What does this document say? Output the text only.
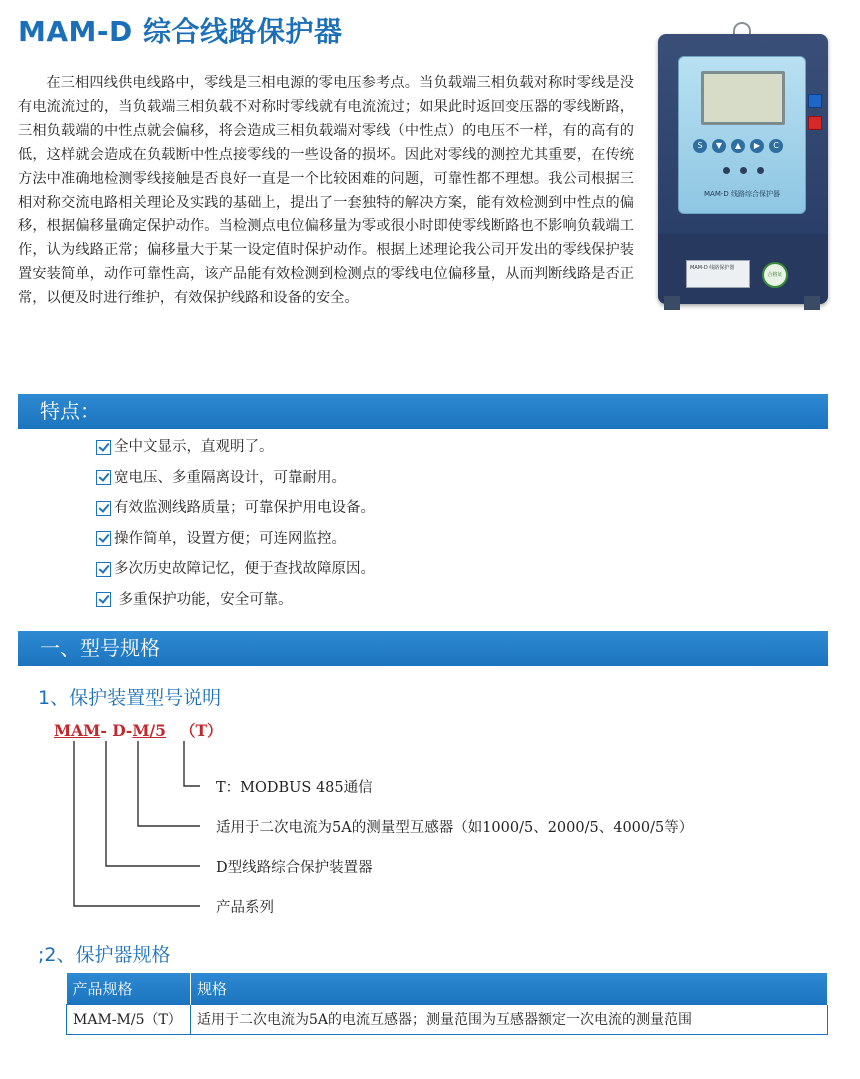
MAM-D 综合线路保护器

在三相四线供电线路中，零线是三相电源的零电压参考点。当负载端三相负载对称时零线是没有电流流过的，当负载端三相负载不对称时零线就有电流流过；如果此时返回变压器的零线断路，三相负载端的中性点就会偏移，将会造成三相负载端对零线（中性点）的电压不一样，有的高有的低，这样就会造成在负载断中性点接零线的一些设备的损坏。因此对零线的测控尤其重要，在传统方法中准确地检测零线接触是否良好一直是一个比较困难的问题，可靠性都不理想。我公司根据三相对称交流电路相关理论及实践的基础上，提出了一套独特的解决方案，能有效检测到中性点的偏移，根据偏移量确定保护动作。当检测点电位偏移量为零或很小时即使零线断路也不影响负载端工作，认为线路正常；偏移量大于某一设定值时保护动作。根据上述理论我公司开发出的零线保护装置安装简单，动作可靠性高，该产品能有效检测到检测点的零线电位偏移量，从而判断线路是否正常，以便及时进行维护，有效保护线路和设备的安全。

S	▼	▲	▶	C
MAM-D 线路综合保护器
MAM-D 线路保护器
合格证
特点：
全中文显示，直观明了。
宽电压、多重隔离设计，可靠耐用。
有效监测线路质量；可靠保护用电设备。
操作简单，设置方便；可连网监控。
多次历史故障记忆，便于查找故障原因。
多重保护功能，安全可靠。
一、型号规格
1、保护装置型号说明
MAM- D-M/5 （T）
T：MODBUS 485通信
适用于二次电流为5A的测量型互感器（如1000/5、2000/5、4000/5等）
D型线路综合保护装置器
产品系列
;2、保护器规格
产品规格	规格
MAM-M/5（T）	适用于二次电流为5A的电流互感器；测量范围为互感器额定一次电流的测量范围
